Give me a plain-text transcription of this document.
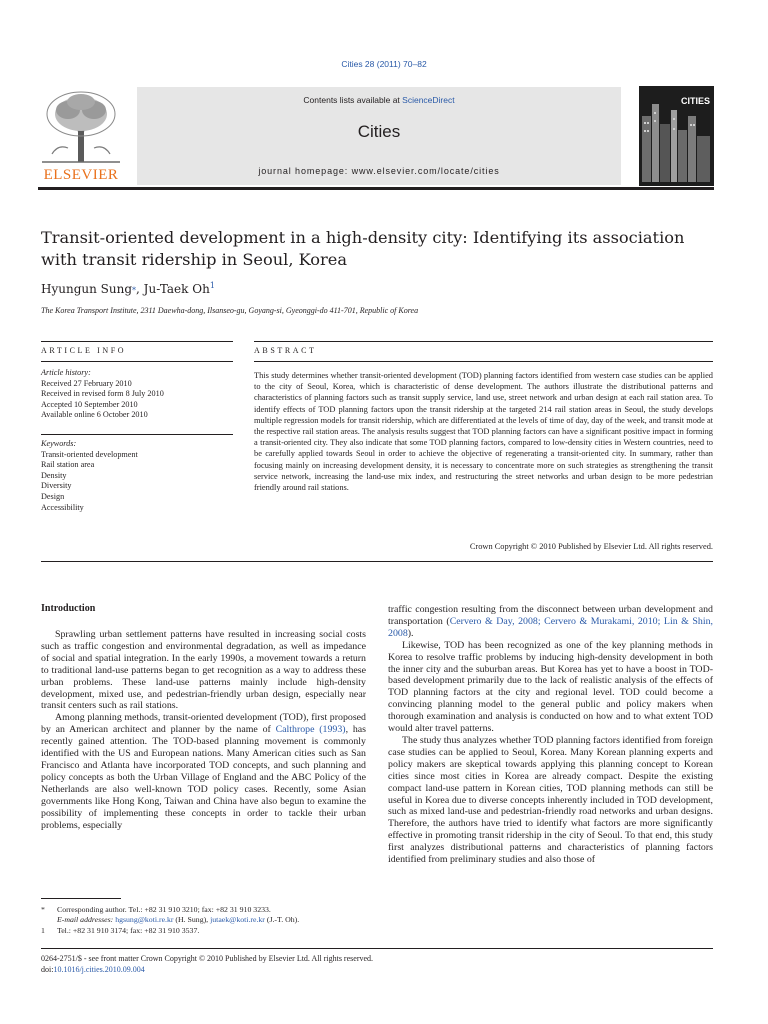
Cities 28 (2011) 70–82
ELSEVIER
Contents lists available at ScienceDirect
Cities
journal homepage: www.elsevier.com/locate/cities
CITIES
Transit-oriented development in a high-density city: Identifying its association
with transit ridership in Seoul, Korea
Hyungun Sung*, Ju-Taek Oh$^1$
The Korea Transport Institute, 2311 Daewha-dong, Ilsanseo-gu, Goyang-si, Gyeonggi-do 411-701, Republic of Korea
ARTICLE INFO	ABSTRACT
Article history:
Received 27 February 2010
Received in revised form 8 July 2010
Accepted 10 September 2010
Available online 6 October 2010
Keywords:
Transit-oriented development
Rail station area
Density
Diversity
Design
Accessibility
This study determines whether transit-oriented development (TOD) planning factors identified from western case studies can be applied to the city of Seoul, Korea, which is characteristic of dense development. The authors illustrate the distributional patterns and characteristics of planning factors such as transit supply service, land use, street network and urban design at each rail station area. To identify effects of TOD planning factors upon the transit ridership at the targeted 214 rail station areas in Seoul, the study develops multiple regression models for transit ridership, which are differentiated at the levels of time of day, day of the week, and transit mode at the respective rail station areas. The analysis results suggest that TOD planning factors can have a significant positive impact in forming a transit-oriented city. They also indicate that some TOD planning factors, compared to low-density cities in Western countries, need to be carefully applied towards Seoul in order to achieve the objective of regenerating a transit-oriented city. In summary, rather than focusing mainly on increasing development density, it is necessary to concentrate more on such strategies as strengthening the transit service network, increasing the land-use mix index, and restructuring the street networks and urban design to be more pedestrian friendly around rail stations.
Crown Copyright © 2010 Published by Elsevier Ltd. All rights reserved.
Introduction

Sprawling urban settlement patterns have resulted in increasing social costs such as traffic congestion and environmental degradation, as well as impedance of social and spatial integration. In the early 1990s, a movement towards a return to traditional land-use patterns began to get recognition as a way to address these urban problems. These land-use patterns mainly include high-density development, mixed use, and pedestrian-friendly urban design, especially near transit centers such as rail stations.

Among planning methods, transit-oriented development (TOD), first proposed by an American architect and planner by the name of Calthrope (1993), has recently gained attention. The TOD-based planning movement is commonly identified with the US and European nations. Many American cities such as San Francisco and Atlanta have incorporated TOD concepts, and such planning and policy concepts as both the Urban Village of England and the ABC Policy of the Netherlands are also well-known TOD policy cases. Recently, some Asian governments like Hong Kong, Taiwan and China have also begun to examine the possibility of implementing these concepts in order to tackle their urban problems, especially

*	Corresponding author. Tel.: +82 31 910 3210; fax: +82 31 910 3233.
E-mail addresses: hgsung@koti.re.kr (H. Sung), jutaek@koti.re.kr (J.-T. Oh).
1	Tel.: +82 31 910 3174; fax: +82 31 910 3537.

traffic congestion resulting from the disconnect between urban development and transportation (Cervero & Day, 2008; Cervero & Murakami, 2010; Lin & Shin, 2008).

Likewise, TOD has been recognized as one of the key planning methods in Korea to resolve traffic problems by inducing high-density development in both the inner city and the suburban areas. But Korea has yet to have a boost in TOD-based development primarily due to the lack of realistic analysis of the effects of TOD planning factors at the city and regional level. TOD could become a convincing planning model to the general public and policy makers when thorough examination and analysis is conducted on how and to what extent TOD would alter travel patterns.

The study thus analyzes whether TOD planning factors identified from foreign case studies can be applied to Seoul, Korea. Many Korean planning experts and policy makers are skeptical towards applying this planning concept to Korean cities since most cities in Korea are already compact. Despite the existing compact land-use pattern in Korean cities, TOD planning methods can still be useful in Korea due to diverse concepts inherently included in TOD development, such as mixed land-use and pedestrian-friendly road networks and urban designs. Therefore, the authors have tried to identify what factors are more significantly effective in promoting transit ridership in the city of Seoul. To that end, this study first analyzes distributional patterns and characteristics of planning factors identified from preliminary studies and also those of

0264-2751/$ - see front matter Crown Copyright © 2010 Published by Elsevier Ltd. All rights reserved.
doi:10.1016/j.cities.2010.09.004
